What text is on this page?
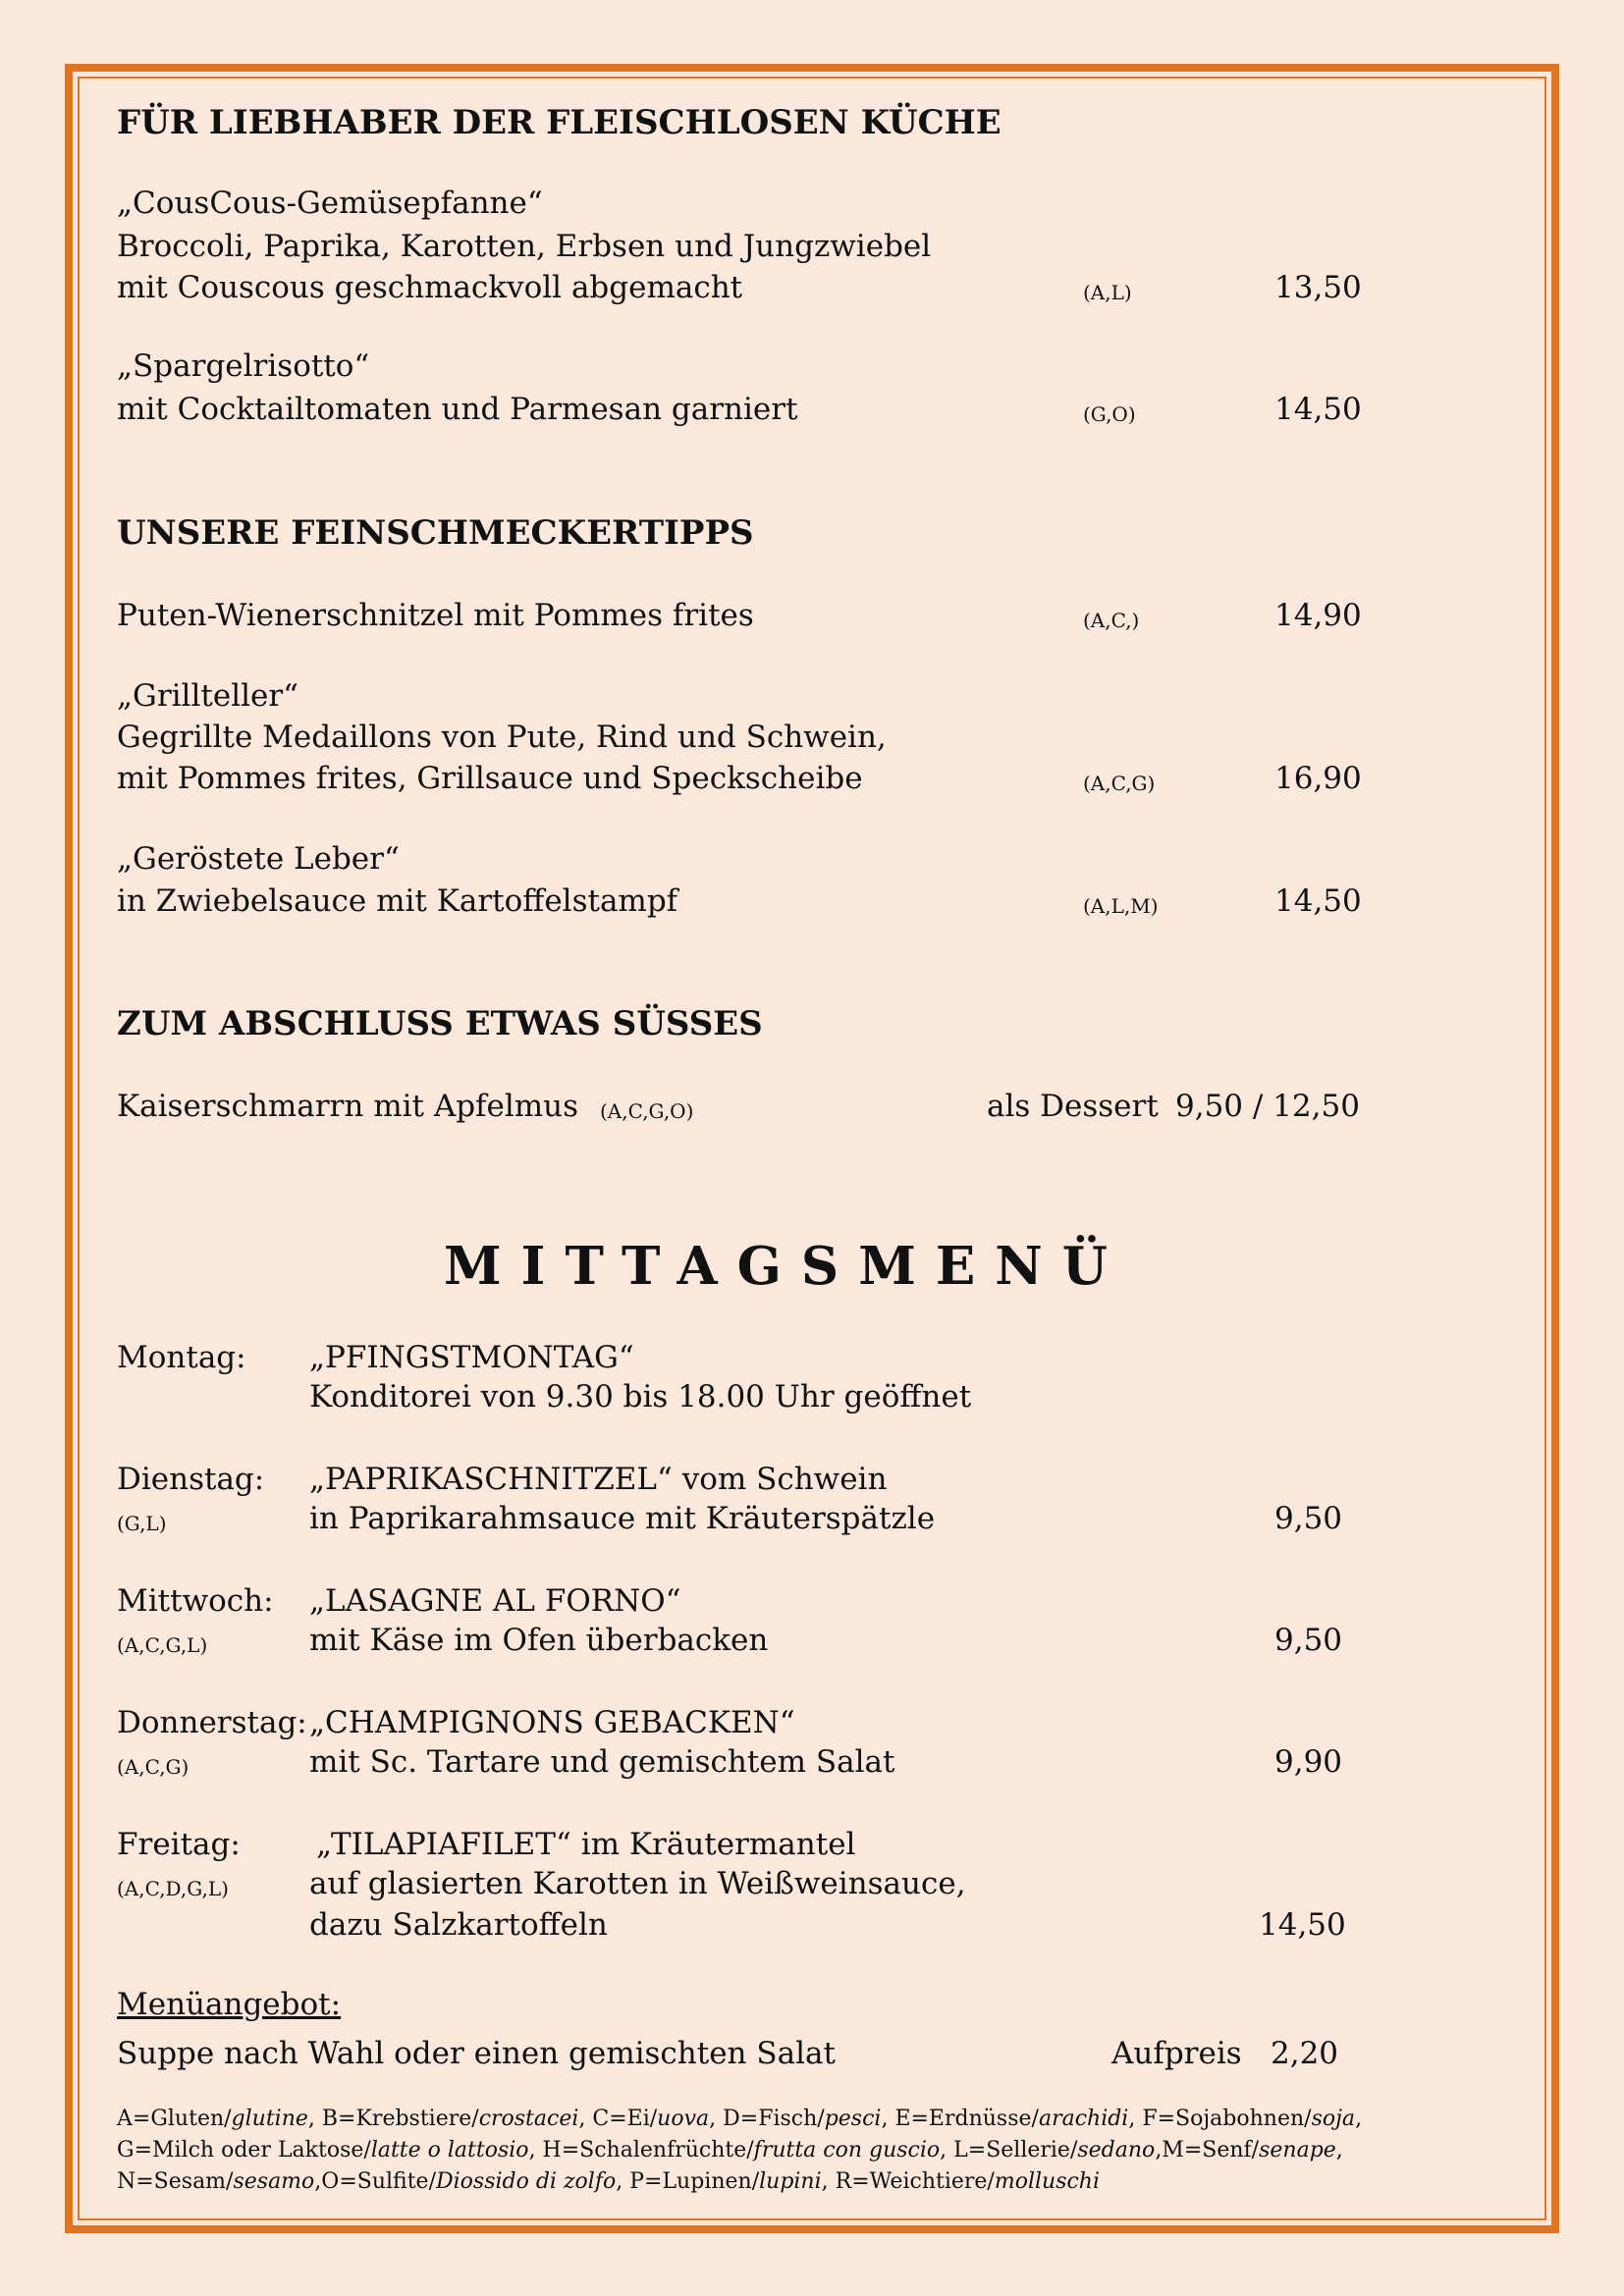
FÜR LIEBHABER DER FLEISCHLOSEN KÜCHE
„CousCous-Gemüsepfanne“
Broccoli, Paprika, Karotten, Erbsen und Jungzwiebel
mit Couscous geschmackvoll abgemacht	(A,L)	13,50
„Spargelrisotto“
mit Cocktailtomaten und Parmesan garniert	(G,O)	14,50
UNSERE FEINSCHMECKERTIPPS
Puten-Wienerschnitzel mit Pommes frites	(A,C,)	14,90
„Grillteller“
Gegrillte Medaillons von Pute, Rind und Schwein,
mit Pommes frites, Grillsauce und Speckscheibe	(A,C,G)	16,90
„Geröstete Leber“
in Zwiebelsauce mit Kartoffelstampf	(A,L,M)	14,50
ZUM ABSCHLUSS ETWAS SÜSSES
Kaiserschmarrn mit Apfelmus (A,C,G,O)	als Dessert 9,50 / 12,50
MITTAGSMENÜ
Montag: „PFINGSTMONTAG“
Konditorei von 9.30 bis 18.00 Uhr geöffnet
Dienstag:
(G,L)
„PAPRIKASCHNITZEL“ vom Schwein
in Paprikarahmsauce mit Kräuterspätzle	9,50
Mittwoch:
(A,C,G,L)
„LASAGNE AL FORNO“
mit Käse im Ofen überbacken	9,50
Donnerstag:
(A,C,G)
„CHAMPIGNONS GEBACKEN“
mit Sc. Tartare und gemischtem Salat	9,90
Freitag:
(A,C,D,G,L)
„TILAPIAFILET“ im Kräutermantel
auf glasierten Karotten in Weißweinsauce,
dazu Salzkartoffeln	14,50
Menüangebot:
Suppe nach Wahl oder einen gemischten Salat	Aufpreis 2,20
A=Gluten/glutine, B=Krebstiere/crostacei, C=Ei/uova, D=Fisch/pesci, E=Erdnüsse/arachidi, F=Sojabohnen/soja,
G=Milch oder Laktose/latte o lattosio, H=Schalenfrüchte/frutta con guscio, L=Sellerie/sedano,M=Senf/senape,
N=Sesam/sesamo,O=Sulfite/Diossido di zolfo, P=Lupinen/lupini, R=Weichtiere/molluschi
